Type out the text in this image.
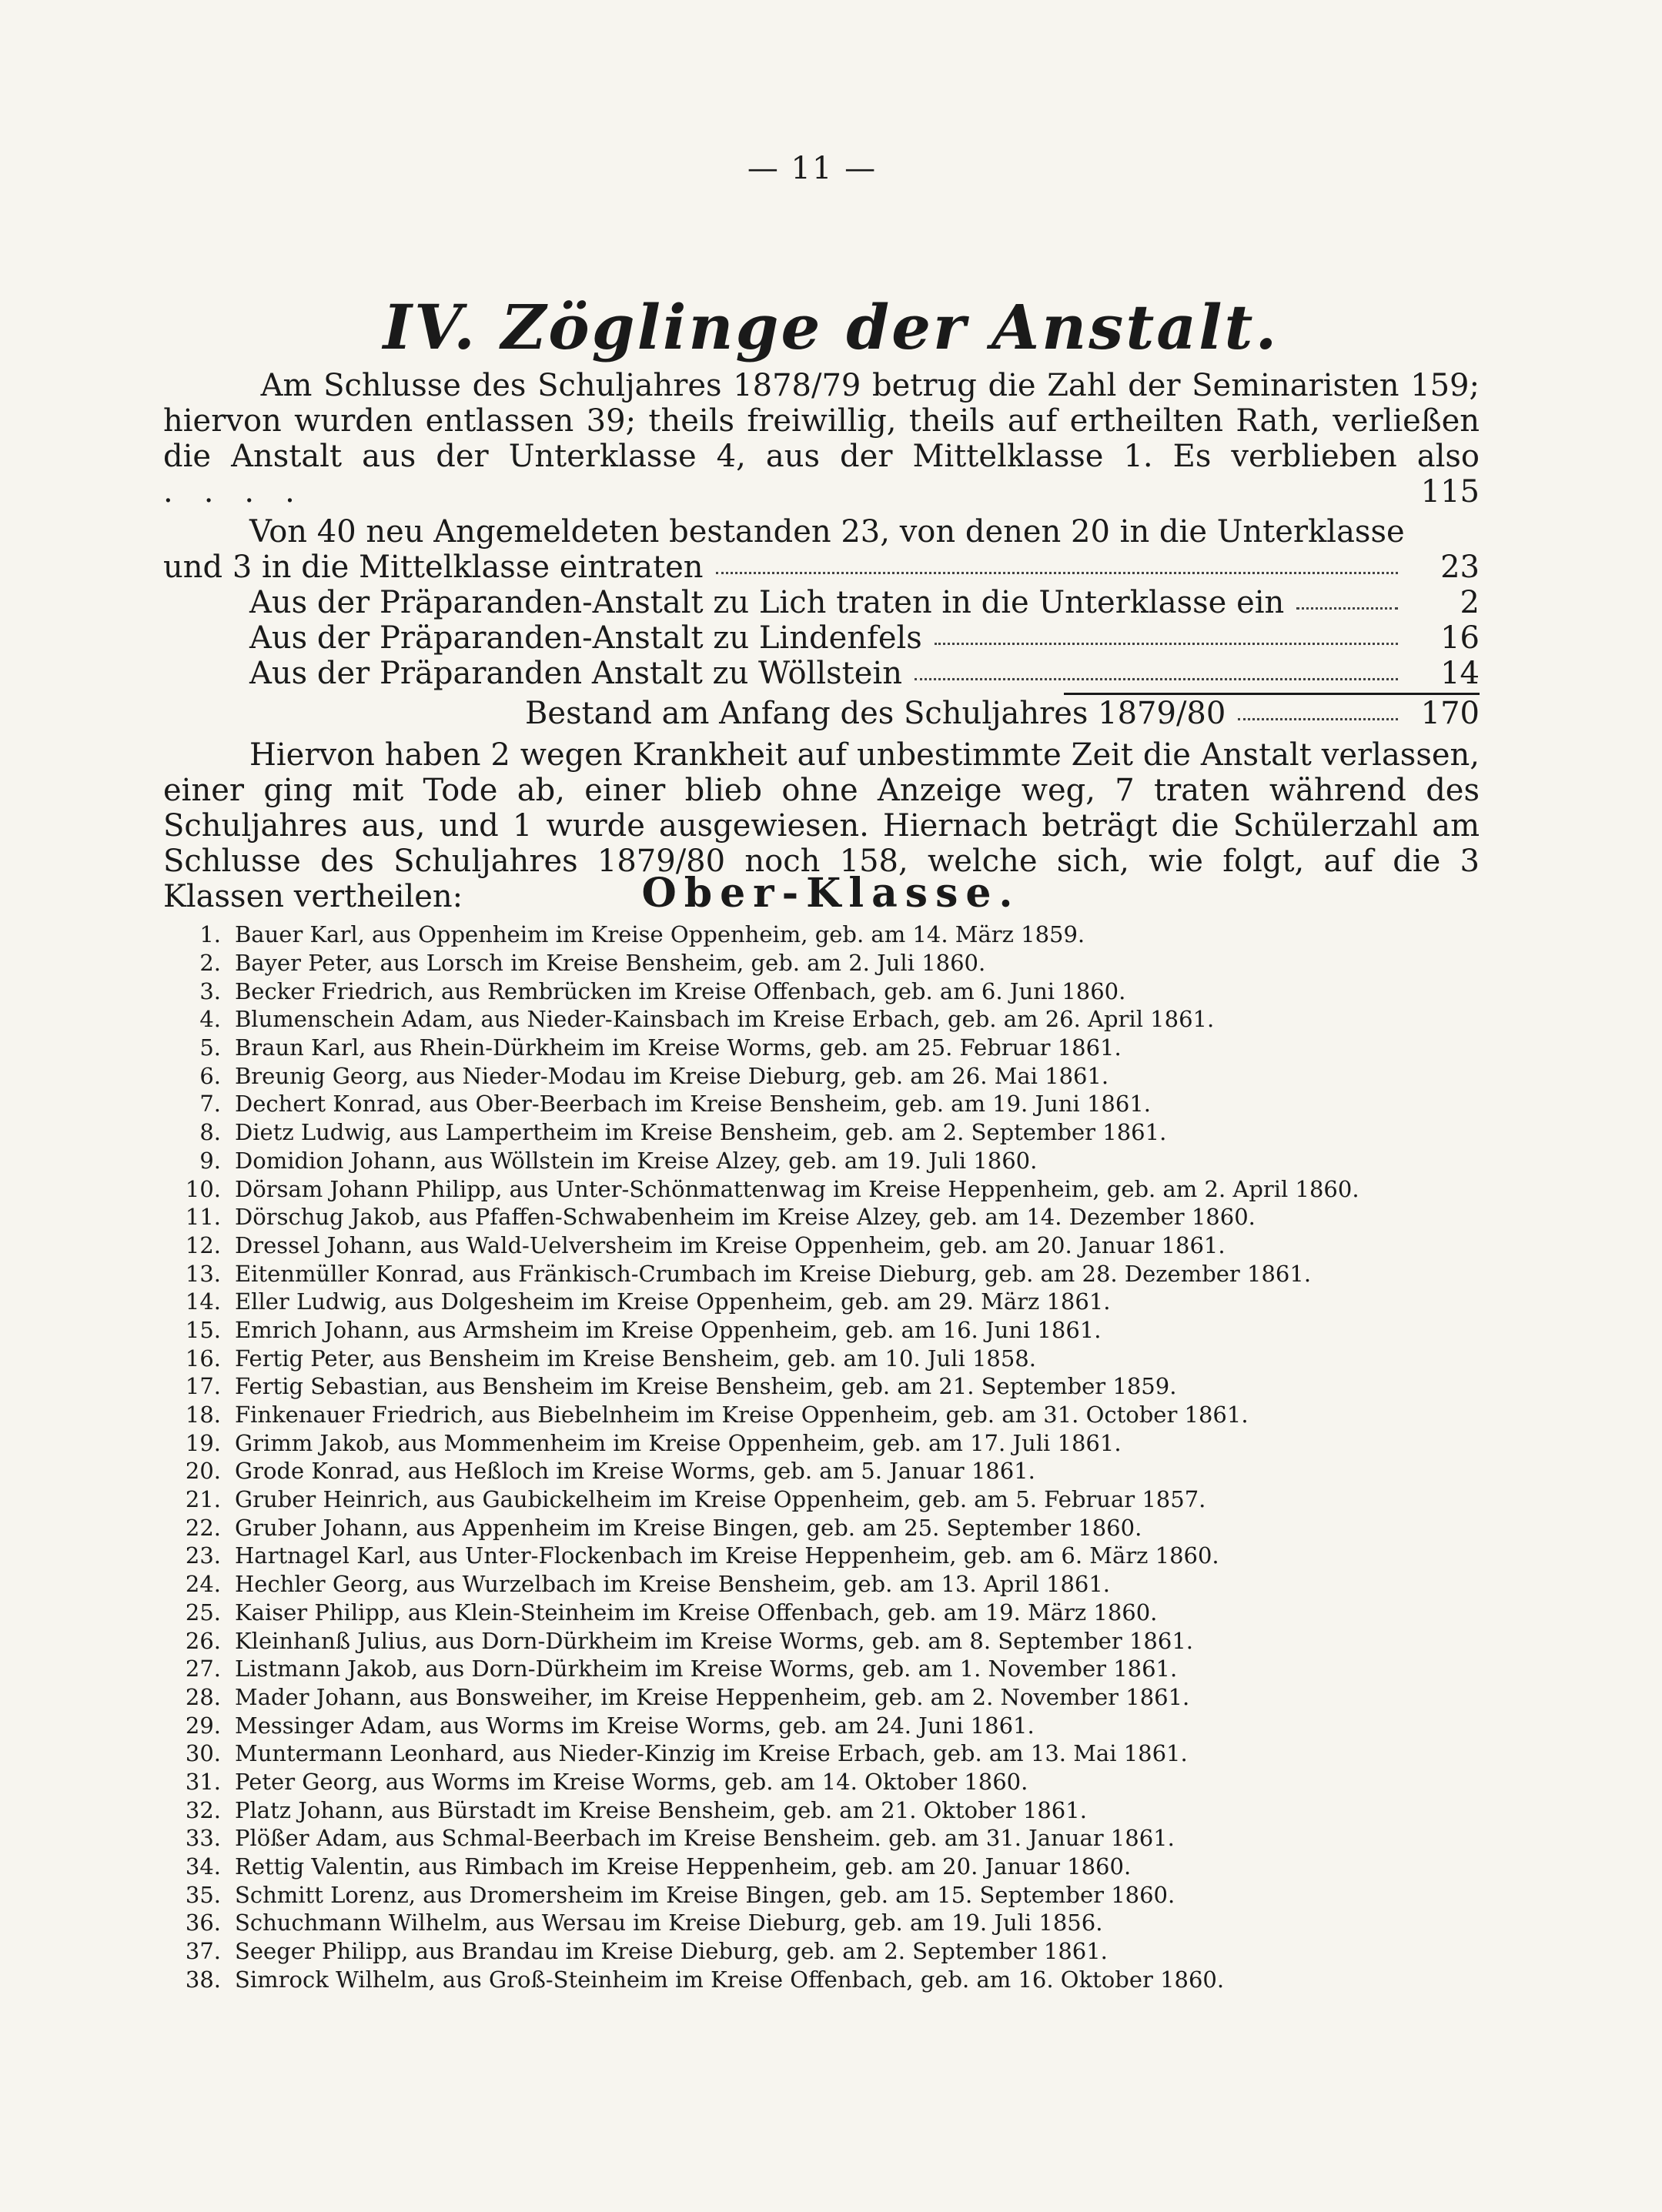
— 11 —
IV. Zöglinge der Anstalt.
Am Schlusse des Schuljahres 1878/79 betrug die Zahl der Seminaristen 159; hiervon wurden entlassen 39; theils freiwillig, theils auf ertheilten Rath, verließen die Anstalt aus der Unterklasse 4, aus der Mittelklasse 1. Es verblieben also ....	115

Von 40 neu Angemeldeten bestanden 23, von denen 20 in die Unterklasse

und 3 in die Mittelklasse eintraten	23
Aus der Präparanden-Anstalt zu Lich traten in die Unterklasse ein	2
Aus der Präparanden-Anstalt zu Lindenfels	16
Aus der Präparanden Anstalt zu Wöllstein	14
Bestand am Anfang des Schuljahres 1879/80	170

Hiervon haben 2 wegen Krankheit auf unbestimmte Zeit die Anstalt verlassen, einer ging mit Tode ab, einer blieb ohne Anzeige weg, 7 traten während des Schuljahres aus, und 1 wurde ausgewiesen. Hiernach beträgt die Schülerzahl am Schlusse des Schuljahres 1879/80 noch 158, welche sich, wie folgt, auf die 3 Klassen vertheilen:	Ober-Klasse.
1. Bauer Karl, aus Oppenheim im Kreise Oppenheim, geb. am 14. März 1859.
2. Bayer Peter, aus Lorsch im Kreise Bensheim, geb. am 2. Juli 1860.
3. Becker Friedrich, aus Rembrücken im Kreise Offenbach, geb. am 6. Juni 1860.
4. Blumenschein Adam, aus Nieder-Kainsbach im Kreise Erbach, geb. am 26. April 1861.
5. Braun Karl, aus Rhein-Dürkheim im Kreise Worms, geb. am 25. Februar 1861.
6. Breunig Georg, aus Nieder-Modau im Kreise Dieburg, geb. am 26. Mai 1861.
7. Dechert Konrad, aus Ober-Beerbach im Kreise Bensheim, geb. am 19. Juni 1861.
8. Dietz Ludwig, aus Lampertheim im Kreise Bensheim, geb. am 2. September 1861.
9. Domidion Johann, aus Wöllstein im Kreise Alzey, geb. am 19. Juli 1860.
10. Dörsam Johann Philipp, aus Unter-Schönmattenwag im Kreise Heppenheim, geb. am 2. April 1860.
11. Dörschug Jakob, aus Pfaffen-Schwabenheim im Kreise Alzey, geb. am 14. Dezember 1860.
12. Dressel Johann, aus Wald-Uelversheim im Kreise Oppenheim, geb. am 20. Januar 1861.
13. Eitenmüller Konrad, aus Fränkisch-Crumbach im Kreise Dieburg, geb. am 28. Dezember 1861.
14. Eller Ludwig, aus Dolgesheim im Kreise Oppenheim, geb. am 29. März 1861.
15. Emrich Johann, aus Armsheim im Kreise Oppenheim, geb. am 16. Juni 1861.
16. Fertig Peter, aus Bensheim im Kreise Bensheim, geb. am 10. Juli 1858.
17. Fertig Sebastian, aus Bensheim im Kreise Bensheim, geb. am 21. September 1859.
18. Finkenauer Friedrich, aus Biebelnheim im Kreise Oppenheim, geb. am 31. October 1861.
19. Grimm Jakob, aus Mommenheim im Kreise Oppenheim, geb. am 17. Juli 1861.
20. Grode Konrad, aus Heßloch im Kreise Worms, geb. am 5. Januar 1861.
21. Gruber Heinrich, aus Gaubickelheim im Kreise Oppenheim, geb. am 5. Februar 1857.
22. Gruber Johann, aus Appenheim im Kreise Bingen, geb. am 25. September 1860.
23. Hartnagel Karl, aus Unter-Flockenbach im Kreise Heppenheim, geb. am 6. März 1860.
24. Hechler Georg, aus Wurzelbach im Kreise Bensheim, geb. am 13. April 1861.
25. Kaiser Philipp, aus Klein-Steinheim im Kreise Offenbach, geb. am 19. März 1860.
26. Kleinhanß Julius, aus Dorn-Dürkheim im Kreise Worms, geb. am 8. September 1861.
27. Listmann Jakob, aus Dorn-Dürkheim im Kreise Worms, geb. am 1. November 1861.
28. Mader Johann, aus Bonsweiher, im Kreise Heppenheim, geb. am 2. November 1861.
29. Messinger Adam, aus Worms im Kreise Worms, geb. am 24. Juni 1861.
30. Muntermann Leonhard, aus Nieder-Kinzig im Kreise Erbach, geb. am 13. Mai 1861.
31. Peter Georg, aus Worms im Kreise Worms, geb. am 14. Oktober 1860.
32. Platz Johann, aus Bürstadt im Kreise Bensheim, geb. am 21. Oktober 1861.
33. Plößer Adam, aus Schmal-Beerbach im Kreise Bensheim. geb. am 31. Januar 1861.
34. Rettig Valentin, aus Rimbach im Kreise Heppenheim, geb. am 20. Januar 1860.
35. Schmitt Lorenz, aus Dromersheim im Kreise Bingen, geb. am 15. September 1860.
36. Schuchmann Wilhelm, aus Wersau im Kreise Dieburg, geb. am 19. Juli 1856.
37. Seeger Philipp, aus Brandau im Kreise Dieburg, geb. am 2. September 1861.
38. Simrock Wilhelm, aus Groß-Steinheim im Kreise Offenbach, geb. am 16. Oktober 1860.
